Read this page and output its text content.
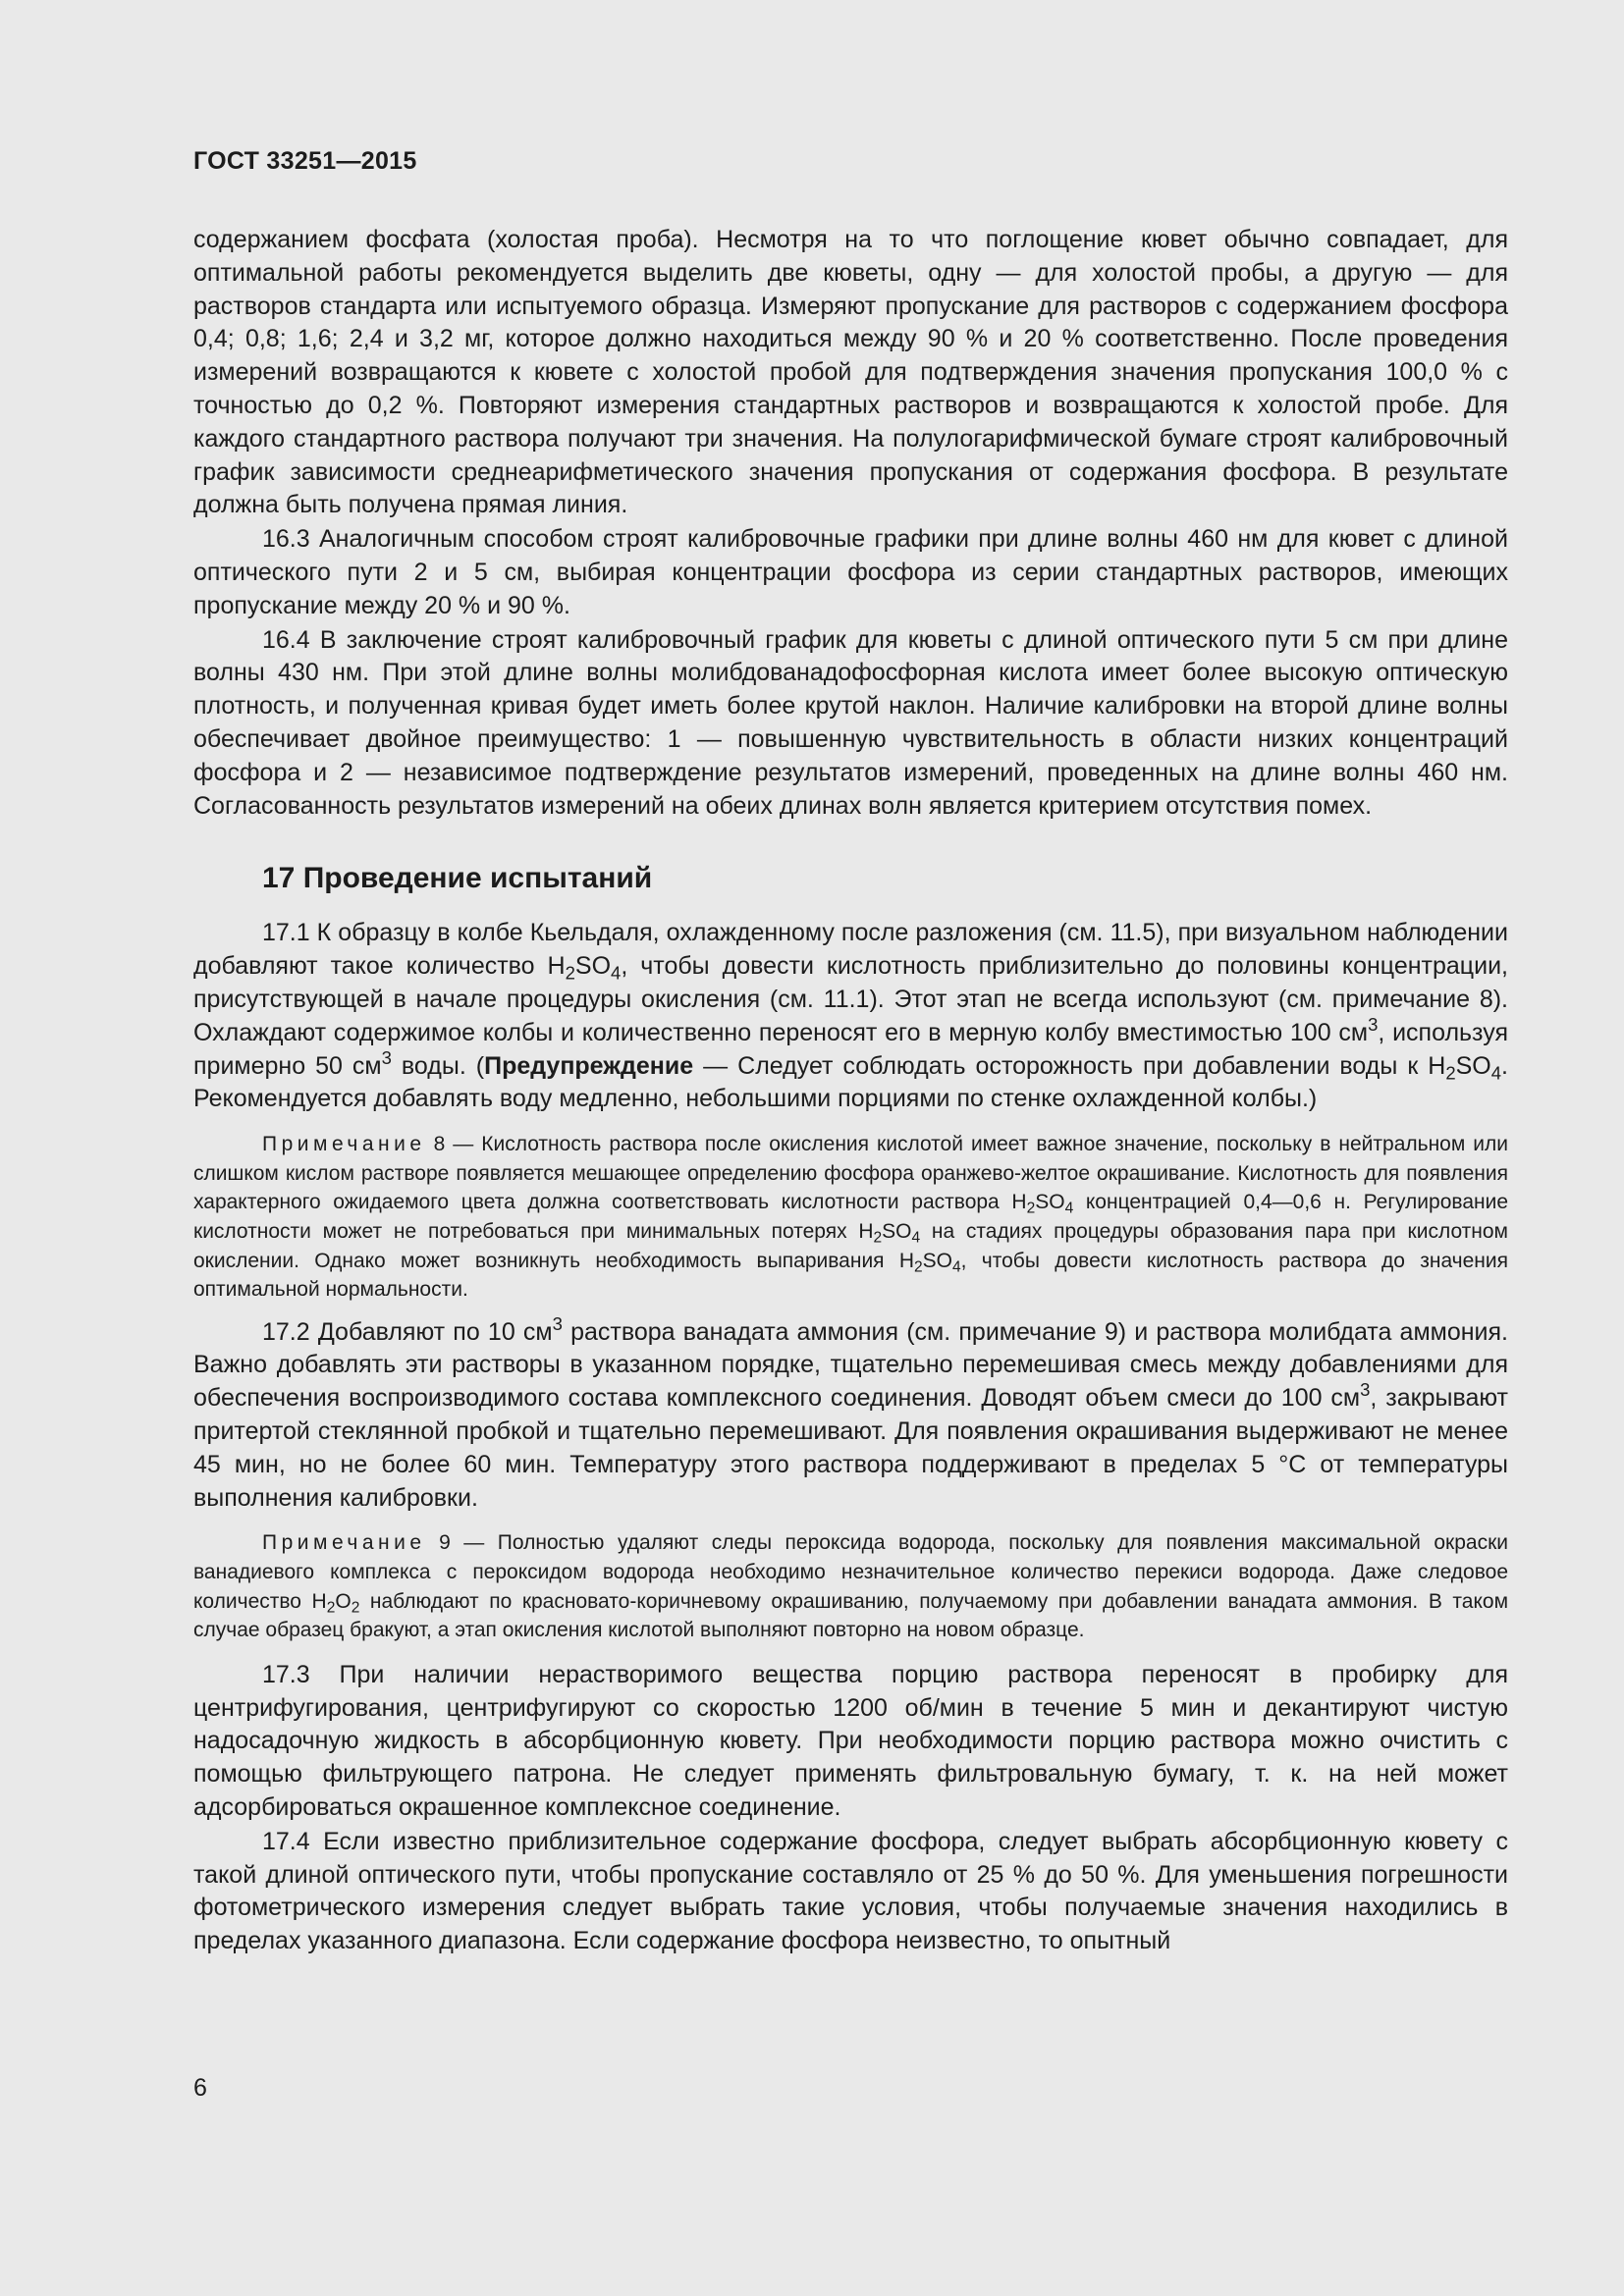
ГОСТ 33251—2015

содержанием фосфата (холостая проба). Несмотря на то что поглощение кювет обычно совпадает, для оптимальной работы рекомендуется выделить две кюветы, одну — для холостой пробы, а другую — для растворов стандарта или испытуемого образца. Измеряют пропускание для растворов с содержанием фосфора 0,4; 0,8; 1,6; 2,4 и 3,2 мг, которое должно находиться между 90 % и 20 % соответственно. После проведения измерений возвращаются к кювете с холостой пробой для подтверждения значения пропускания 100,0 % с точностью до 0,2 %. Повторяют измерения стандартных растворов и возвращаются к холостой пробе. Для каждого стандартного раствора получают три значения. На полулогарифмической бумаге строят калибровочный график зависимости среднеарифметического значения пропускания от содержания фосфора. В результате должна быть получена прямая линия.

16.3 Аналогичным способом строят калибровочные графики при длине волны 460 нм для кювет с длиной оптического пути 2 и 5 см, выбирая концентрации фосфора из серии стандартных растворов, имеющих пропускание между 20 % и 90 %.

16.4 В заключение строят калибровочный график для кюветы с длиной оптического пути 5 см при длине волны 430 нм. При этой длине волны молибдованадофосфорная кислота имеет более высокую оптическую плотность, и полученная кривая будет иметь более крутой наклон. Наличие калибровки на второй длине волны обеспечивает двойное преимущество: 1 — повышенную чувствительность в области низких концентраций фосфора и 2 — независимое подтверждение результатов измерений, проведенных на длине волны 460 нм. Согласованность результатов измерений на обеих длинах волн является критерием отсутствия помех.

17 Проведение испытаний

17.1 К образцу в колбе Кьельдаля, охлажденному после разложения (см. 11.5), при визуальном наблюдении добавляют такое количество $H_2SO_4$, чтобы довести кислотность приблизительно до половины концентрации, присутствующей в начале процедуры окисления (см. 11.1). Этот этап не всегда используют (см. примечание 8). Охлаждают содержимое колбы и количественно переносят его в мерную колбу вместимостью 100 $см^3$, используя примерно 50 $см^3$ воды. (Предупреждение — Следует соблюдать осторожность при добавлении воды к $H_2SO_4$. Рекомендуется добавлять воду медленно, небольшими порциями по стенке охлажденной колбы.)

Примечание 8 — Кислотность раствора после окисления кислотой имеет важное значение, поскольку в нейтральном или слишком кислом растворе появляется мешающее определению фосфора оранжево-желтое окрашивание. Кислотность для появления характерного ожидаемого цвета должна соответствовать кислотности раствора $H_2SO_4$ концентрацией 0,4—0,6 н. Регулирование кислотности может не потребоваться при минимальных потерях $H_2SO_4$ на стадиях процедуры образования пара при кислотном окислении. Однако может возникнуть необходимость выпаривания $H_2SO_4$, чтобы довести кислотность раствора до значения оптимальной нормальности.

17.2 Добавляют по 10 $см^3$ раствора ванадата аммония (см. примечание 9) и раствора молибдата аммония. Важно добавлять эти растворы в указанном порядке, тщательно перемешивая смесь между добавлениями для обеспечения воспроизводимого состава комплексного соединения. Доводят объем смеси до 100 $см^3$, закрывают притертой стеклянной пробкой и тщательно перемешивают. Для появления окрашивания выдерживают не менее 45 мин, но не более 60 мин. Температуру этого раствора поддерживают в пределах 5 °С от температуры выполнения калибровки.

Примечание 9 — Полностью удаляют следы пероксида водорода, поскольку для появления максимальной окраски ванадиевого комплекса с пероксидом водорода необходимо незначительное количество перекиси водорода. Даже следовое количество $H_2O_2$ наблюдают по красновато-коричневому окрашиванию, получаемому при добавлении ванадата аммония. В таком случае образец бракуют, а этап окисления кислотой выполняют повторно на новом образце.

17.3 При наличии нерастворимого вещества порцию раствора переносят в пробирку для центрифугирования, центрифугируют со скоростью 1200 об/мин в течение 5 мин и декантируют чистую надосадочную жидкость в абсорбционную кювету. При необходимости порцию раствора можно очистить с помощью фильтрующего патрона. Не следует применять фильтровальную бумагу, т. к. на ней может адсорбироваться окрашенное комплексное соединение.

17.4 Если известно приблизительное содержание фосфора, следует выбрать абсорбционную кювету с такой длиной оптического пути, чтобы пропускание составляло от 25 % до 50 %. Для уменьшения погрешности фотометрического измерения следует выбрать такие условия, чтобы получаемые значения находились в пределах указанного диапазона. Если содержание фосфора неизвестно, то опытный

6
